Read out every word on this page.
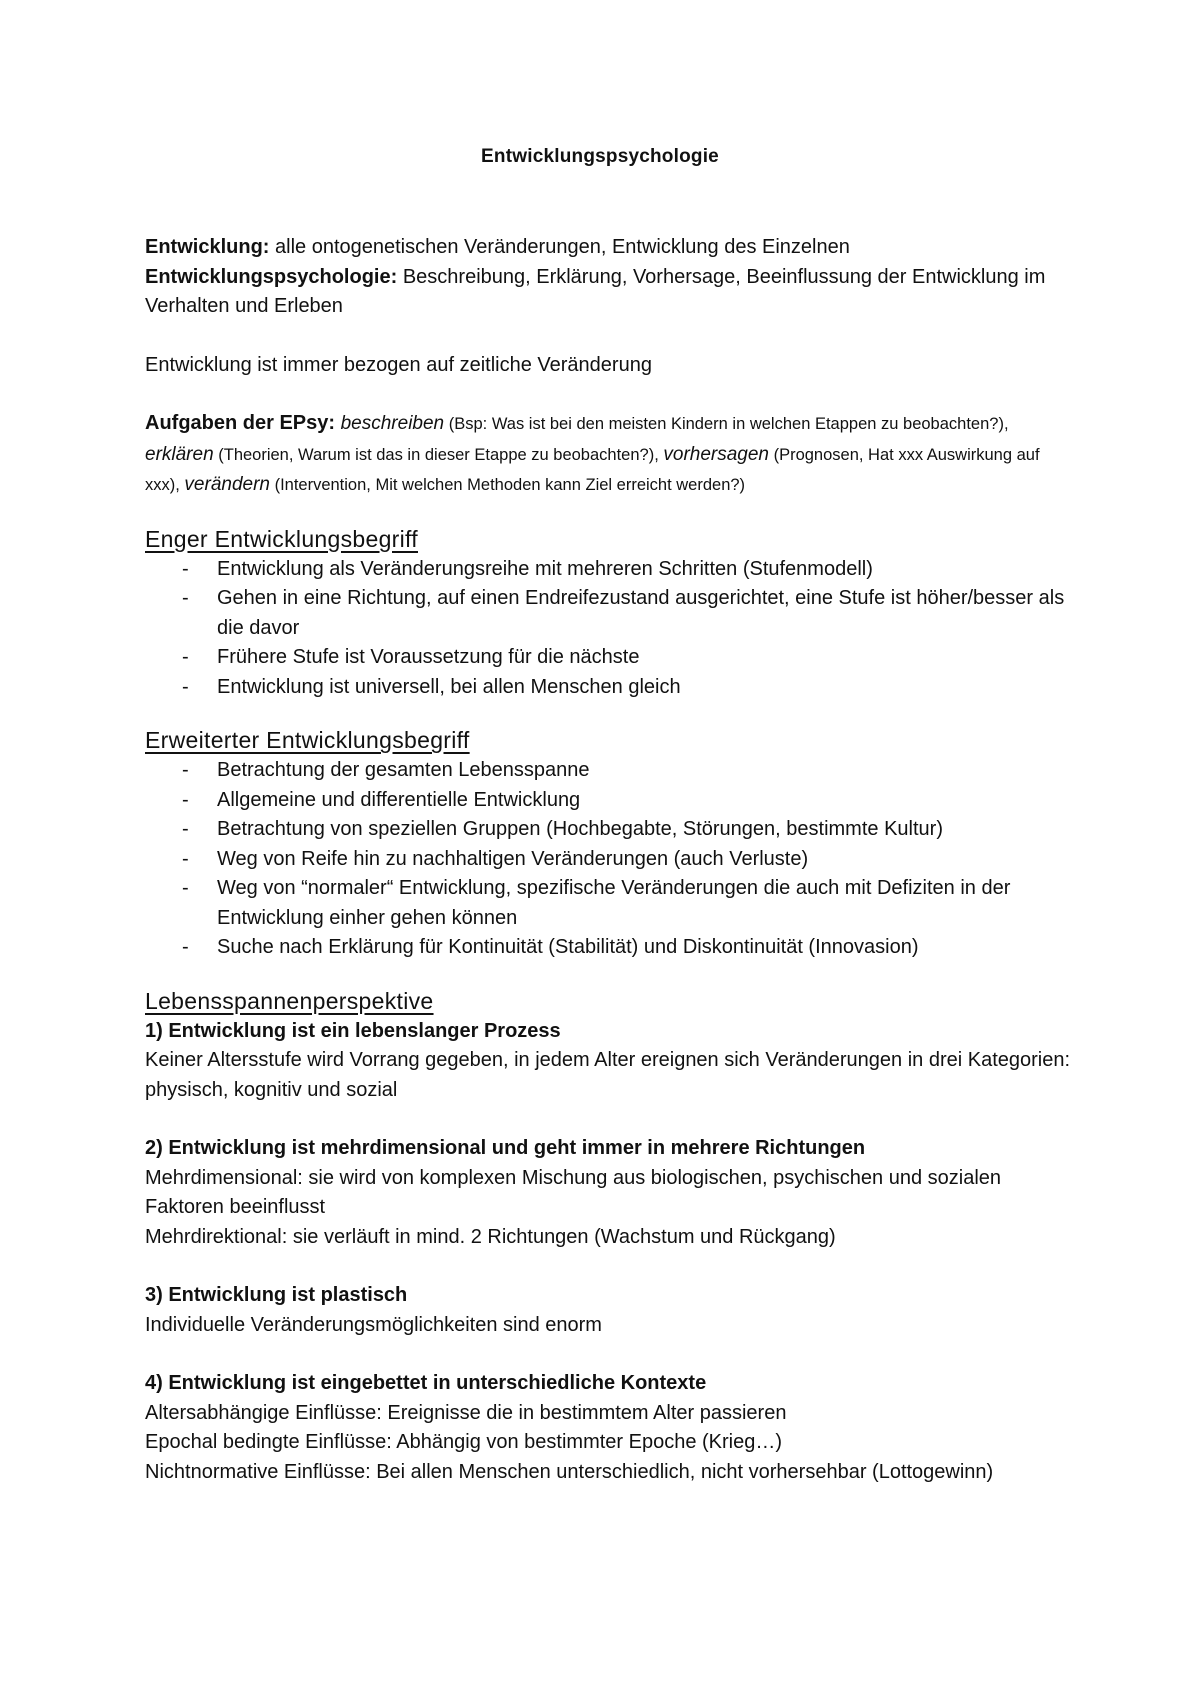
Entwicklungspsychologie

Entwicklung: alle ontogenetischen Veränderungen, Entwicklung des Einzelnen

Entwicklungspsychologie: Beschreibung, Erklärung, Vorhersage, Beeinflussung der Entwicklung im Verhalten und Erleben

Entwicklung ist immer bezogen auf zeitliche Veränderung

Aufgaben der EPsy: beschreiben (Bsp: Was ist bei den meisten Kindern in welchen Etappen zu beobachten?), erklären (Theorien, Warum ist das in dieser Etappe zu beobachten?), vorhersagen (Prognosen, Hat xxx Auswirkung auf xxx), verändern (Intervention, Mit welchen Methoden kann Ziel erreicht werden?)

Enger Entwicklungsbegriff

- Entwicklung als Veränderungsreihe mit mehreren Schritten (Stufenmodell)
- Gehen in eine Richtung, auf einen Endreifezustand ausgerichtet, eine Stufe ist höher/besser als die davor
- Frühere Stufe ist Voraussetzung für die nächste
- Entwicklung ist universell, bei allen Menschen gleich

Erweiterter Entwicklungsbegriff

- Betrachtung der gesamten Lebensspanne
- Allgemeine und differentielle Entwicklung
- Betrachtung von speziellen Gruppen (Hochbegabte, Störungen, bestimmte Kultur)
- Weg von Reife hin zu nachhaltigen Veränderungen (auch Verluste)
- Weg von “normaler“ Entwicklung, spezifische Veränderungen die auch mit Defiziten in der Entwicklung einher gehen können
- Suche nach Erklärung für Kontinuität (Stabilität) und Diskontinuität (Innovasion)

Lebensspannenperspektive

1) Entwicklung ist ein lebenslanger Prozess

Keiner Altersstufe wird Vorrang gegeben, in jedem Alter ereignen sich Veränderungen in drei Kategorien: physisch, kognitiv und sozial

2) Entwicklung ist mehrdimensional und geht immer in mehrere Richtungen

Mehrdimensional: sie wird von komplexen Mischung aus biologischen, psychischen und sozialen Faktoren beeinflusst

Mehrdirektional: sie verläuft in mind. 2 Richtungen (Wachstum und Rückgang)

3) Entwicklung ist plastisch

Individuelle Veränderungsmöglichkeiten sind enorm

4) Entwicklung ist eingebettet in unterschiedliche Kontexte

Altersabhängige Einflüsse: Ereignisse die in bestimmtem Alter passieren

Epochal bedingte Einflüsse: Abhängig von bestimmter Epoche (Krieg…)

Nichtnormative Einflüsse: Bei allen Menschen unterschiedlich, nicht vorhersehbar (Lottogewinn)
